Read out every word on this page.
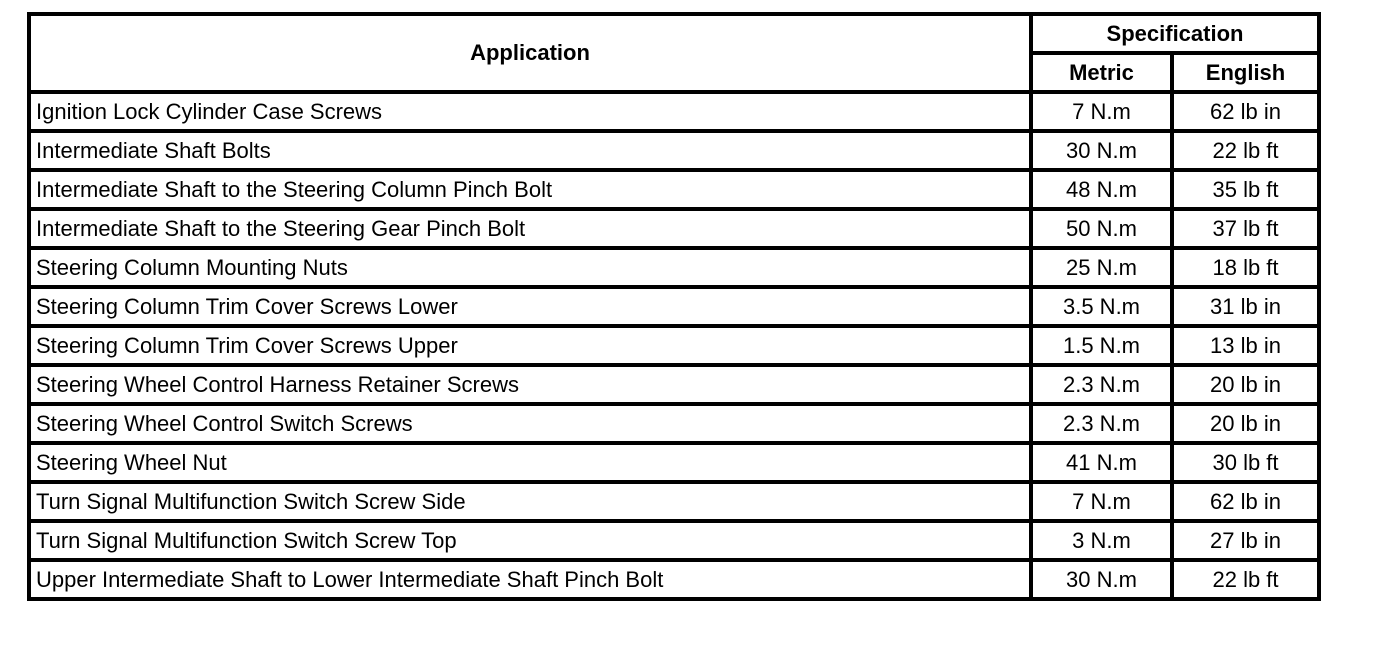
Application	Specification	
	Metric	English
Ignition Lock Cylinder Case Screws	7 N.m	62 lb in
Intermediate Shaft Bolts	30 N.m	22 lb ft
Intermediate Shaft to the Steering Column Pinch Bolt	48 N.m	35 lb ft
Intermediate Shaft to the Steering Gear Pinch Bolt	50 N.m	37 lb ft
Steering Column Mounting Nuts	25 N.m	18 lb ft
Steering Column Trim Cover Screws Lower	3.5 N.m	31 lb in
Steering Column Trim Cover Screws Upper	1.5 N.m	13 lb in
Steering Wheel Control Harness Retainer Screws	2.3 N.m	20 lb in
Steering Wheel Control Switch Screws	2.3 N.m	20 lb in
Steering Wheel Nut	41 N.m	30 lb ft
Turn Signal Multifunction Switch Screw Side	7 N.m	62 lb in
Turn Signal Multifunction Switch Screw Top	3 N.m	27 lb in
Upper Intermediate Shaft to Lower Intermediate Shaft Pinch Bolt	30 N.m	22 lb ft
